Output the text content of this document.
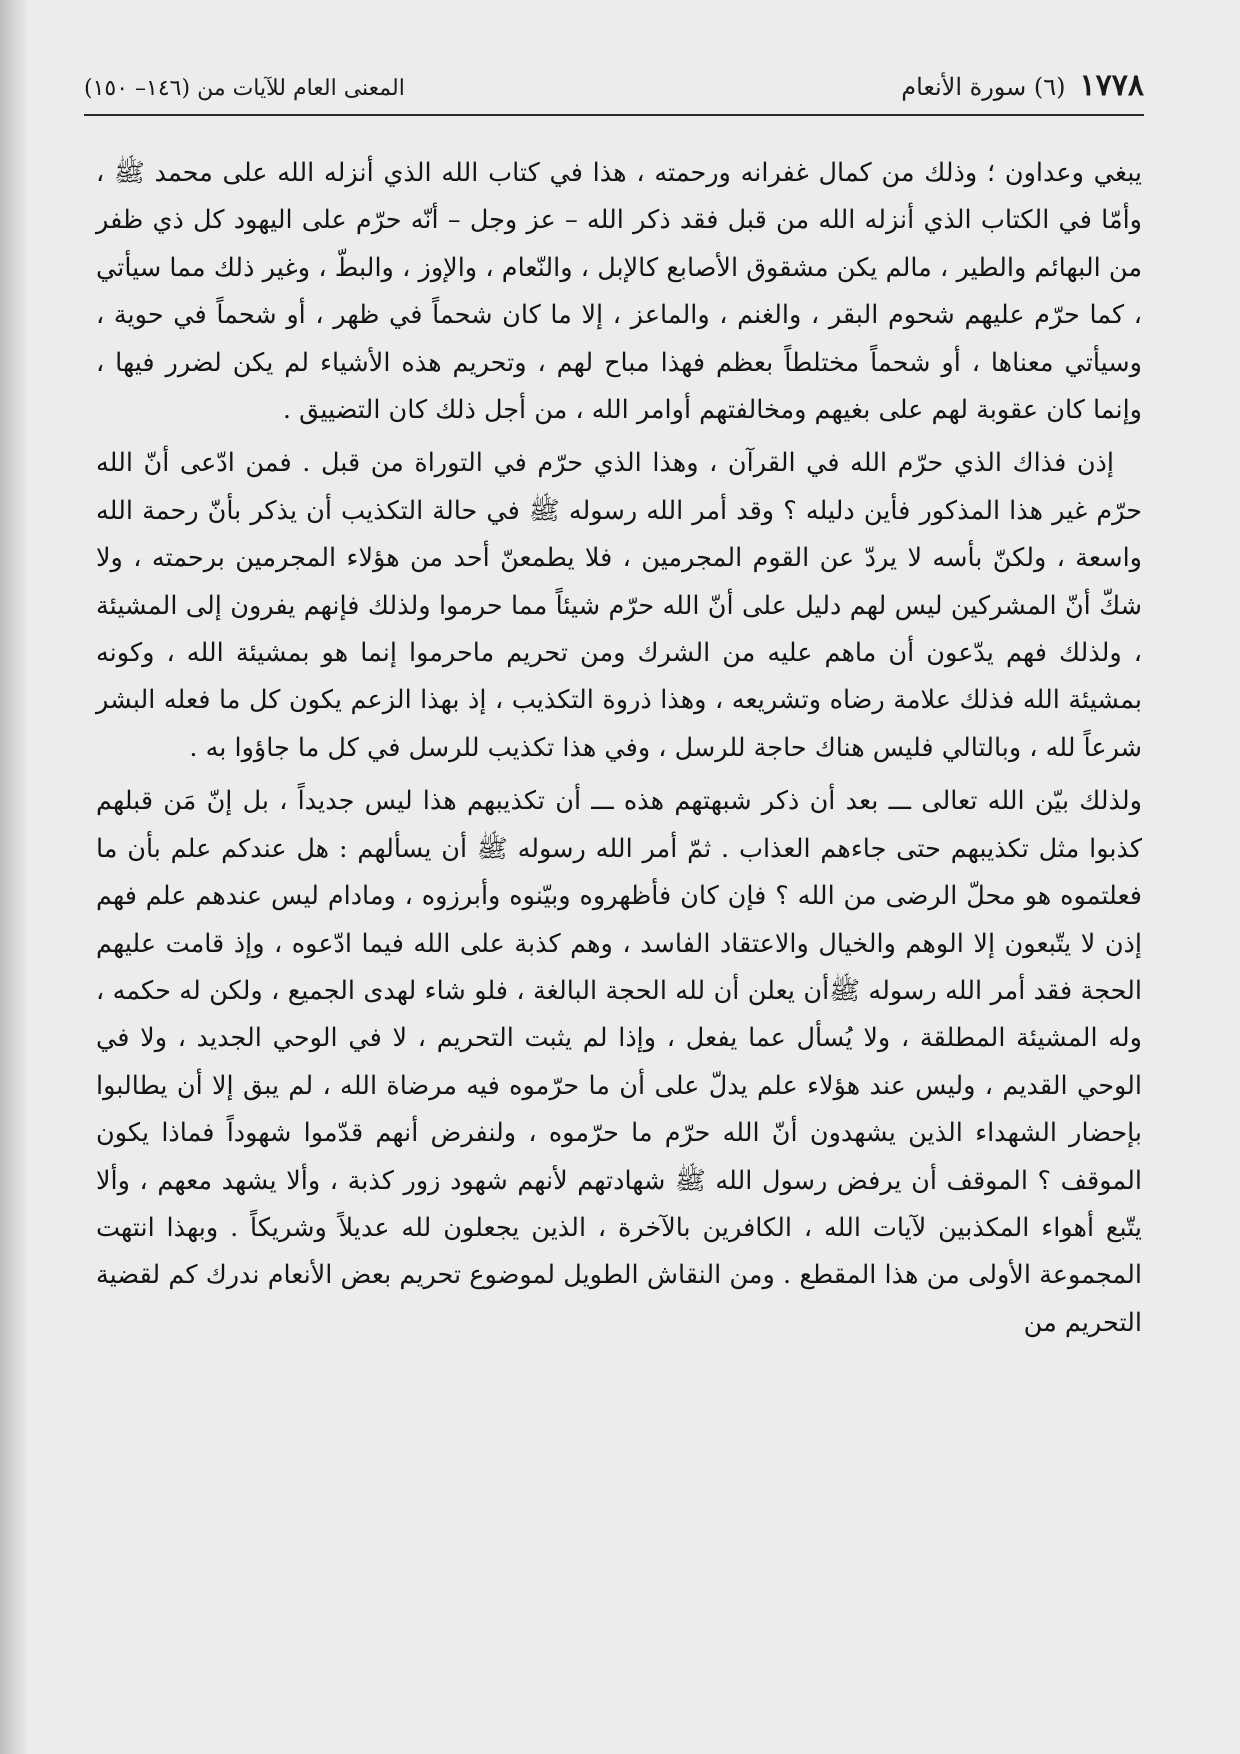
١٧٧٨
(٦) سورة الأنعام
المعنى العام للآيات من (١٤٦– ١٥٠)

يبغي وعداون ؛ وذلك من كمال غفرانه ورحمته ، هذا في كتاب الله الذي أنزله الله على محمد ﷺ ، وأمّا في الكتاب الذي أنزله الله من قبل فقد ذكر الله – عز وجل – أنّه حرّم على اليهود كل ذي ظفر من البهائم والطير ، مالم يكن مشقوق الأصابع كالإبل ، والنّعام ، والإوز ، والبطّ ، وغير ذلك مما سيأتي ، كما حرّم عليهم شحوم البقر ، والغنم ، والماعز ، إلا ما كان شحماً في ظهر ، أو شحماً في حوية ، وسيأتي معناها ، أو شحماً مختلطاً بعظم فهذا مباح لهم ، وتحريم هذه الأشياء لم يكن لضرر فيها ، وإنما كان عقوبة لهم على بغيهم ومخالفتهم أوامر الله ، من أجل ذلك كان التضييق .

إذن فذاك الذي حرّم الله في القرآن ، وهذا الذي حرّم في التوراة من قبل . فمن ادّعى أنّ الله حرّم غير هذا المذكور فأين دليله ؟ وقد أمر الله رسوله ﷺ في حالة التكذيب أن يذكر بأنّ رحمة الله واسعة ، ولكنّ بأسه لا يردّ عن القوم المجرمين ، فلا يطمعنّ أحد من هؤلاء المجرمين برحمته ، ولا شكّ أنّ المشركين ليس لهم دليل على أنّ الله حرّم شيئاً مما حرموا ولذلك فإنهم يفرون إلى المشيئة ، ولذلك فهم يدّعون أن ماهم عليه من الشرك ومن تحريم ماحرموا إنما هو بمشيئة الله ، وكونه بمشيئة الله فذلك علامة رضاه وتشريعه ، وهذا ذروة التكذيب ، إذ بهذا الزعم يكون كل ما فعله البشر شرعاً لله ، وبالتالي فليس هناك حاجة للرسل ، وفي هذا تكذيب للرسل في كل ما جاؤوا به .

ولذلك بيّن الله تعالى ـــ بعد أن ذكر شبهتهم هذه ـــ أن تكذيبهم هذا ليس جديداً ، بل إنّ مَن قبلهم كذبوا مثل تكذيبهم حتى جاءهم العذاب . ثمّ أمر الله رسوله ﷺ أن يسألهم : هل عندكم علم بأن ما فعلتموه هو محلّ الرضى من الله ؟ فإن كان فأظهروه وبيّنوه وأبرزوه ، ومادام ليس عندهم علم فهم إذن لا يتّبعون إلا الوهم والخيال والاعتقاد الفاسد ، وهم كذبة على الله فيما ادّعوه ، وإذ قامت عليهم الحجة فقد أمر الله رسوله ﷺأن يعلن أن لله الحجة البالغة ، فلو شاء لهدى الجميع ، ولكن له حكمه ، وله المشيئة المطلقة ، ولا يُسأل عما يفعل ، وإذا لم يثبت التحريم ، لا في الوحي الجديد ، ولا في الوحي القديم ، وليس عند هؤلاء علم يدلّ على أن ما حرّموه فيه مرضاة الله ، لم يبق إلا أن يطالبوا بإحضار الشهداء الذين يشهدون أنّ الله حرّم ما حرّموه ، ولنفرض أنهم قدّموا شهوداً فماذا يكون الموقف ؟ الموقف أن يرفض رسول الله ﷺ شهادتهم لأنهم شهود زور كذبة ، وألا يشهد معهم ، وألا يتّبع أهواء المكذبين لآيات الله ، الكافرين بالآخرة ، الذين يجعلون لله عديلاً وشريكاً . وبهذا انتهت المجموعة الأولى من هذا المقطع . ومن النقاش الطويل لموضوع تحريم بعض الأنعام ندرك كم لقضية التحريم من
